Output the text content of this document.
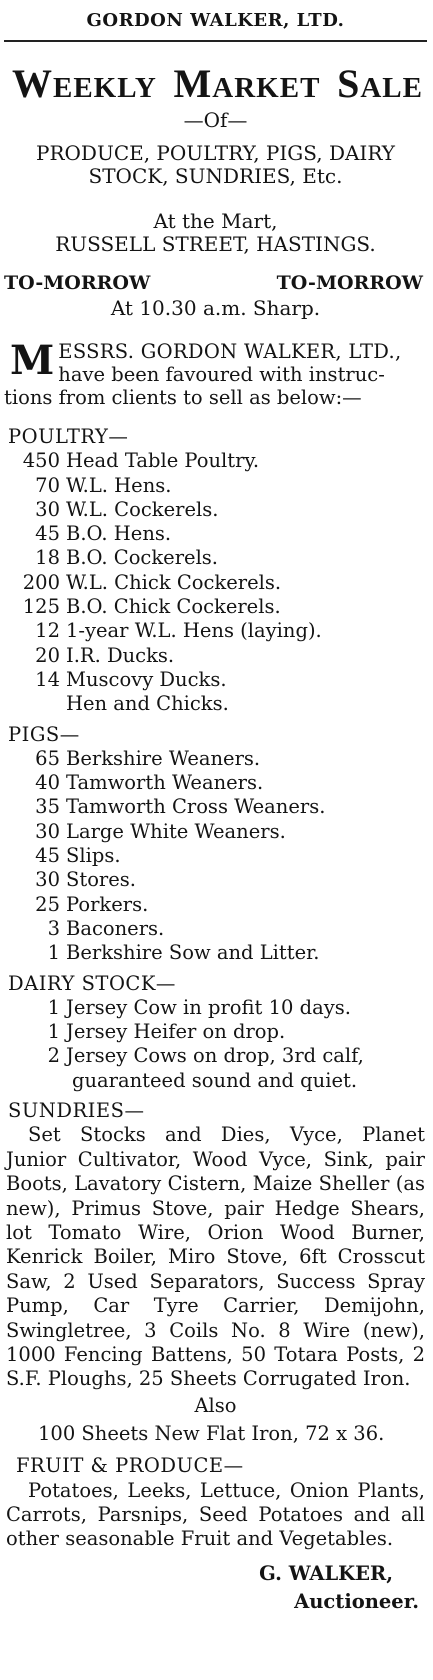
GORDON WALKER, LTD.
WEEKLY MARKET SALE
—Of—
PRODUCE, POULTRY, PIGS, DAIRY
STOCK, SUNDRIES, Etc.
At the Mart,
RUSSELL STREET, HASTINGS.
TO-MORROW	TO-MORROW
At 10.30 a.m. Sharp.
M ESSRS. GORDON WALKER, LTD.,
have been favoured with instruc-
tions from clients to sell as below:—
POULTRY—
450 Head Table Poultry.
70 W.L. Hens.
30 W.L. Cockerels.
45 B.O. Hens.
18 B.O. Cockerels.
200 W.L. Chick Cockerels.
125 B.O. Chick Cockerels.
12 1-year W.L. Hens (laying).
20 I.R. Ducks.
14 Muscovy Ducks.
Hen and Chicks.
PIGS—
65 Berkshire Weaners.
40 Tamworth Weaners.
35 Tamworth Cross Weaners.
30 Large White Weaners.
45 Slips.
30 Stores.
25 Porkers.
3 Baconers.
1 Berkshire Sow and Litter.
DAIRY STOCK—
1 Jersey Cow in profit 10 days.
1 Jersey Heifer on drop.
2 Jersey Cows on drop, 3rd calf,
guaranteed sound and quiet.
SUNDRIES—
Set Stocks and Dies, Vyce, Planet Junior Cultivator, Wood Vyce, Sink, pair Boots, Lavatory Cistern, Maize Sheller (as new), Primus Stove, pair Hedge Shears, lot Tomato Wire, Orion Wood Burner, Kenrick Boiler, Miro Stove, 6ft Crosscut Saw, 2 Used Separators, Success Spray Pump, Car Tyre Carrier, Demijohn, Swingletree, 3 Coils No. 8 Wire (new), 1000 Fencing Battens, 50 Totara Posts, 2 S.F. Ploughs, 25 Sheets Corrugated Iron.
Also
100 Sheets New Flat Iron, 72 x 36.
FRUIT & PRODUCE—
Potatoes, Leeks, Lettuce, Onion Plants, Carrots, Parsnips, Seed Potatoes and all other seasonable Fruit and Vegetables.
G. WALKER,
Auctioneer.
